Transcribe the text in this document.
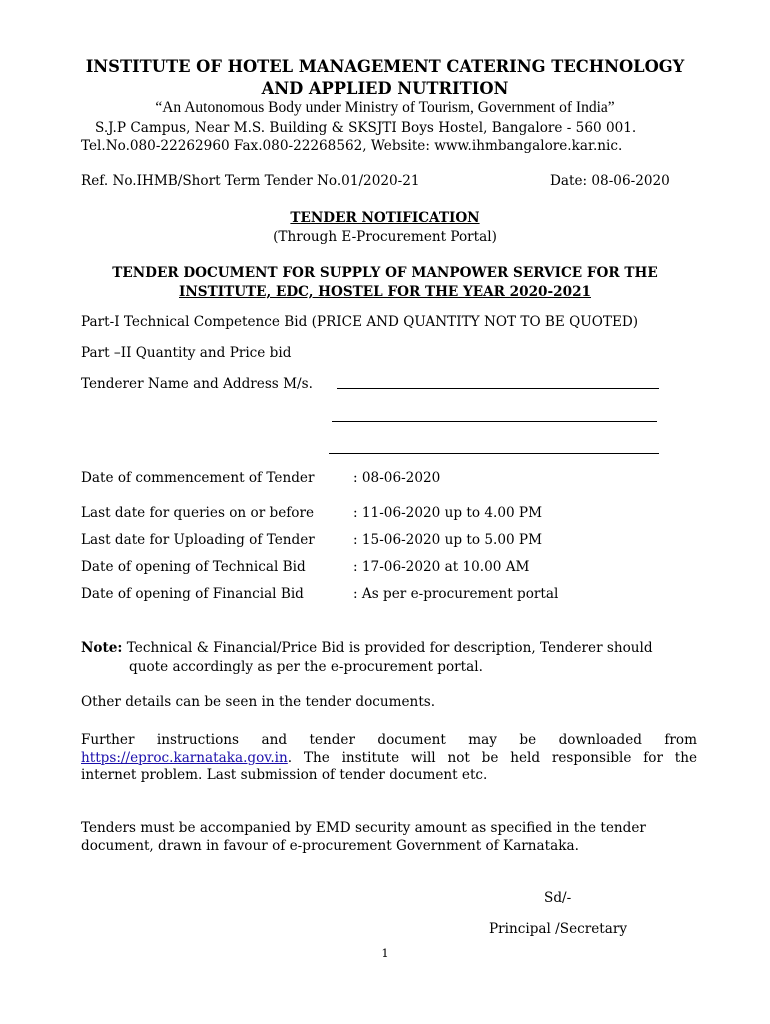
INSTITUTE OF HOTEL MANAGEMENT CATERING TECHNOLOGY
AND APPLIED NUTRITION
“An Autonomous Body under Ministry of Tourism, Government of India”
S.J.P Campus, Near M.S. Building & SKSJTI Boys Hostel, Bangalore - 560 001.
Tel.No.080-22262960 Fax.080-22268562, Website: www.ihmbangalore.kar.nic.
Ref. No.IHMB/Short Term Tender No.01/2020-21	Date: 08-06-2020
TENDER NOTIFICATION
(Through E-Procurement Portal)
TENDER DOCUMENT FOR SUPPLY OF MANPOWER SERVICE FOR THE
INSTITUTE, EDC, HOSTEL FOR THE YEAR 2020-2021
Part-I Technical Competence Bid (PRICE AND QUANTITY NOT TO BE QUOTED)
Part –II Quantity and Price bid
Tenderer Name and Address M/s.
Date of commencement of Tender	: 08-06-2020
Last date for queries on or before	: 11-06-2020 up to 4.00 PM
Last date for Uploading of Tender	: 15-06-2020 up to 5.00 PM
Date of opening of Technical Bid	: 17-06-2020 at 10.00 AM
Date of opening of Financial Bid	: As per e-procurement portal
Note: Technical & Financial/Price Bid is provided for description, Tenderer should
quote accordingly as per the e-procurement portal.
Other details can be seen in the tender documents.
Further instructions and tender document may be downloaded from
https://eproc.karnataka.gov.in. The institute will not be held responsible for the
internet problem. Last submission of tender document etc.
Tenders must be accompanied by EMD security amount as specified in the tender
document, drawn in favour of e-procurement Government of Karnataka.
Sd/-
Principal /Secretary
1
